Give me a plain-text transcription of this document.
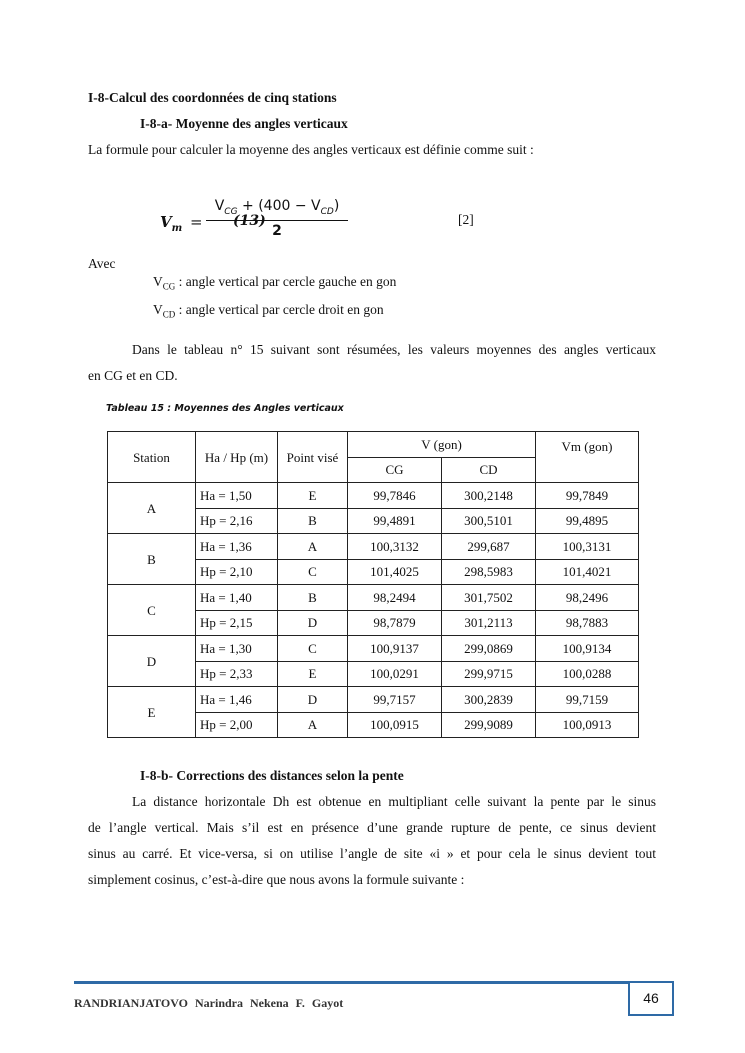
I-8-Calcul des coordonnées de cinq stations
I-8-a- Moyenne des angles verticaux
La formule pour calculer la moyenne des angles verticaux est définie comme suit :
$V_m$ =
$V_{CG} + (400 - V_{CD})$
2
(13)	[2]
Avec
$V_{CG}$ : angle vertical par cercle gauche en gon
$V_{CD}$ : angle vertical par cercle droit en gon
Dans le tableau n° 15 suivant sont résumées, les valeurs moyennes des angles verticaux
en CG et en CD.
Tableau 15 : Moyennes des Angles verticaux
Station	Ha / Hp (m)	Point visé	V (gon)		Vm (gon)
			CG	CD	
A	Ha = 1,50	E	99,7846	300,2148	99,7849
	Hp = 2,16	B	99,4891	300,5101	99,4895
B	Ha = 1,36	A	100,3132	299,687	100,3131
	Hp = 2,10	C	101,4025	298,5983	101,4021
C	Ha = 1,40	B	98,2494	301,7502	98,2496
	Hp = 2,15	D	98,7879	301,2113	98,7883
D	Ha = 1,30	C	100,9137	299,0869	100,9134
	Hp = 2,33	E	100,0291	299,9715	100,0288
E	Ha = 1,46	D	99,7157	300,2839	99,7159
	Hp = 2,00	A	100,0915	299,9089	100,0913
I-8-b- Corrections des distances selon la pente
La distance horizontale Dh est obtenue en multipliant celle suivant la pente par le sinus
de l’angle vertical. Mais s’il est en présence d’une grande rupture de pente, ce sinus devient
sinus au carré. Et vice-versa, si on utilise l’angle de site «i » et pour cela le sinus devient tout
simplement cosinus, c’est-à-dire que nous avons la formule suivante :
RANDRIANJATOVO Narindra Nekena F. Gayot	46
